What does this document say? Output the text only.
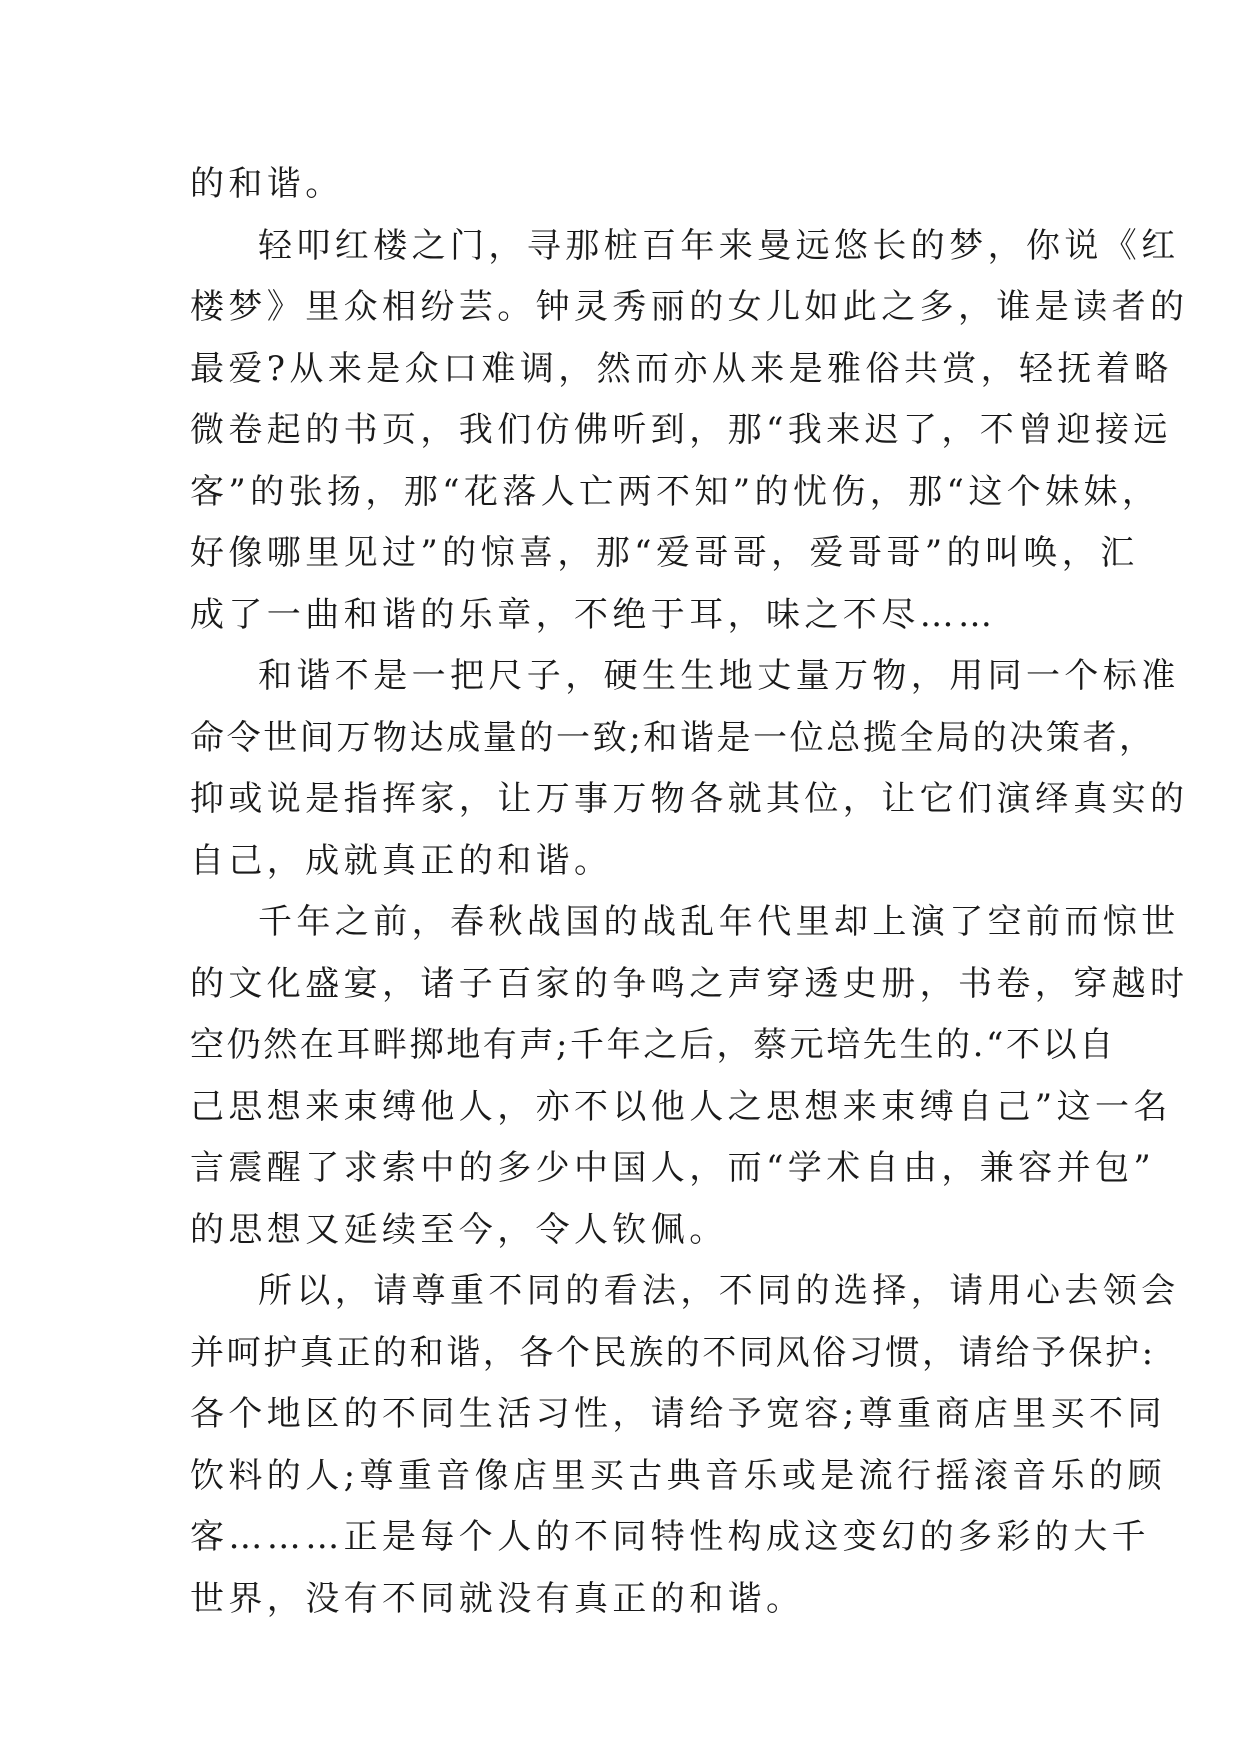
的和谐。
轻叩红楼之门，寻那桩百年来曼远悠长的梦，你说《红
楼梦》里众相纷芸。钟灵秀丽的女儿如此之多，谁是读者的
最爱?从来是众口难调，然而亦从来是雅俗共赏，轻抚着略
微卷起的书页，我们仿佛听到，那“我来迟了，不曾迎接远
客”的张扬，那“花落人亡两不知”的忧伤，那“这个妹妹，
好像哪里见过”的惊喜，那“爱哥哥，爱哥哥”的叫唤，汇
成了一曲和谐的乐章，不绝于耳，味之不尽……
和谐不是一把尺子，硬生生地丈量万物，用同一个标准
命令世间万物达成量的一致;和谐是一位总揽全局的决策者，
抑或说是指挥家，让万事万物各就其位，让它们演绎真实的
自己，成就真正的和谐。
千年之前，春秋战国的战乱年代里却上演了空前而惊世
的文化盛宴，诸子百家的争鸣之声穿透史册，书卷，穿越时
空仍然在耳畔掷地有声;千年之后，蔡元培先生的.“不以自
己思想来束缚他人，亦不以他人之思想来束缚自己”这一名
言震醒了求索中的多少中国人，而“学术自由，兼容并包”
的思想又延续至今，令人钦佩。
所以，请尊重不同的看法，不同的选择，请用心去领会
并呵护真正的和谐，各个民族的不同风俗习惯，请给予保护:
各个地区的不同生活习性，请给予宽容;尊重商店里买不同
饮料的人;尊重音像店里买古典音乐或是流行摇滚音乐的顾
客………正是每个人的不同特性构成这变幻的多彩的大千
世界，没有不同就没有真正的和谐。
